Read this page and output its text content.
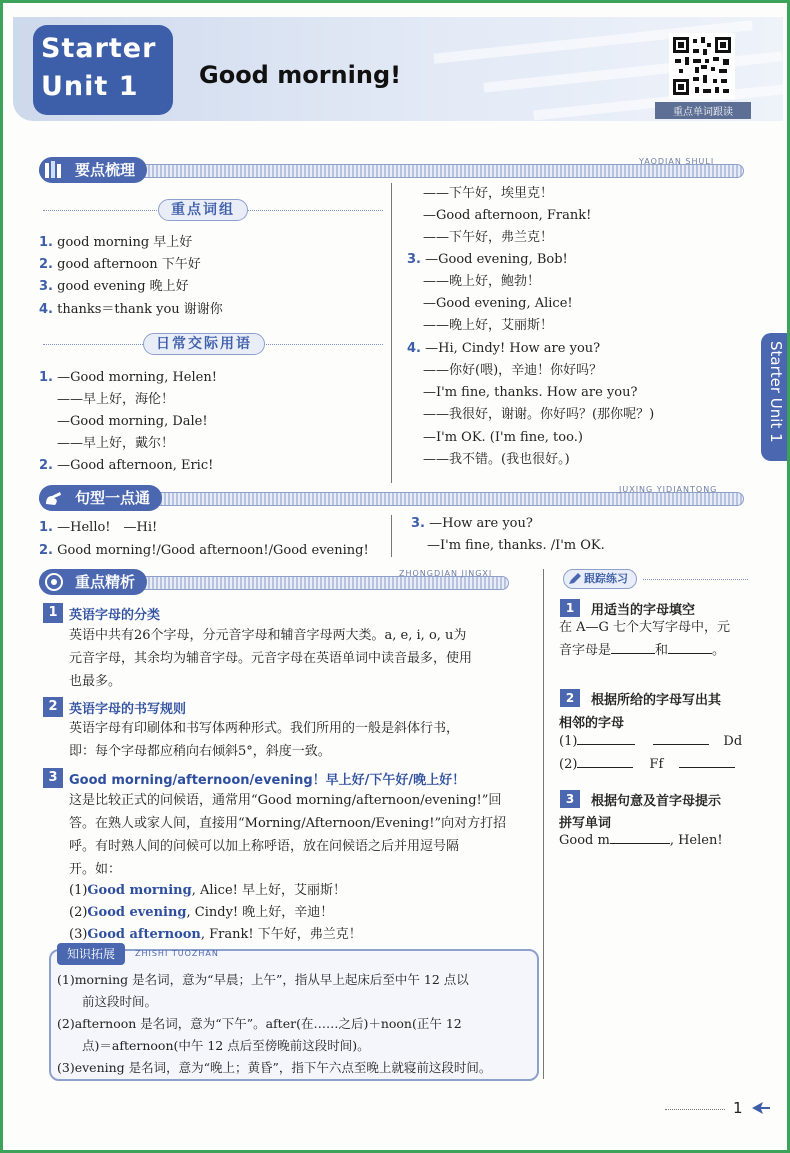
Starter
Unit 1	Good morning!
重点单词跟读
Starter Unit 1
要点梳理	YAODIAN SHULI
重点词组
1. good morning 早上好
2. good afternoon 下午好
3. good evening 晚上好
4. thanks＝thank you 谢谢你
日常交际用语
1. —Good morning, Helen!
——早上好，海伦！
—Good morning, Dale!
——早上好，戴尔！
2. —Good afternoon, Eric!
——下午好，埃里克！
—Good afternoon, Frank!
——下午好，弗兰克！
3. —Good evening, Bob!
——晚上好，鲍勃！
—Good evening, Alice!
——晚上好，艾丽斯！
4. —Hi, Cindy! How are you?
——你好(喂)，辛迪！你好吗？
—I'm fine, thanks. How are you?
——我很好，谢谢。你好吗？(那你呢？)
—I'm OK. (I'm fine, too.)
——我不错。(我也很好。)
句型一点通	JUXING YIDIANTONG
1. —Hello!　—Hi!
2. Good morning!/Good afternoon!/Good evening!
3. —How are you?
—I'm fine, thanks. /I'm OK.
重点精析	ZHONGDIAN JINGXI
1 英语字母的分类
英语中共有26个字母，分元音字母和辅音字母两大类。a, e, i, o, u为
元音字母，其余均为辅音字母。元音字母在英语单词中读音最多，使用
也最多。
2 英语字母的书写规则
英语字母有印刷体和书写体两种形式。我们所用的一般是斜体行书，
即：每个字母都应稍向右倾斜5°，斜度一致。
3 Good morning/afternoon/evening！早上好/下午好/晚上好！
这是比较正式的问候语，通常用“Good morning/afternoon/evening!”回
答。在熟人或家人间，直接用“Morning/Afternoon/Evening!”向对方打招
呼。有时熟人间的问候可以加上称呼语，放在问候语之后并用逗号隔
开。如：
(1)Good morning, Alice! 早上好，艾丽斯！
(2)Good evening, Cindy! 晚上好，辛迪！
(3)Good afternoon, Frank! 下午好，弗兰克！
知识拓展	ZHISHI TUOZHAN
(1)morning 是名词，意为“早晨；上午”，指从早上起床后至中午 12 点以
　　前这段时间。
(2)afternoon 是名词，意为“下午”。after(在……之后)＋noon(正午 12
　　点)＝afternoon(中午 12 点后至傍晚前这段时间)。
(3)evening 是名词，意为“晚上；黄昏”，指下午六点至晚上就寝前这段时间。
跟踪练习
1	用适当的字母填空
在 A—G 七个大写字母中，元
音字母是	和	。
2	根据所给的字母写出其
相邻的字母
(1)	Dd
(2)	Ff
3	根据句意及首字母提示
拼写单词
Good m	, Helen!
1
